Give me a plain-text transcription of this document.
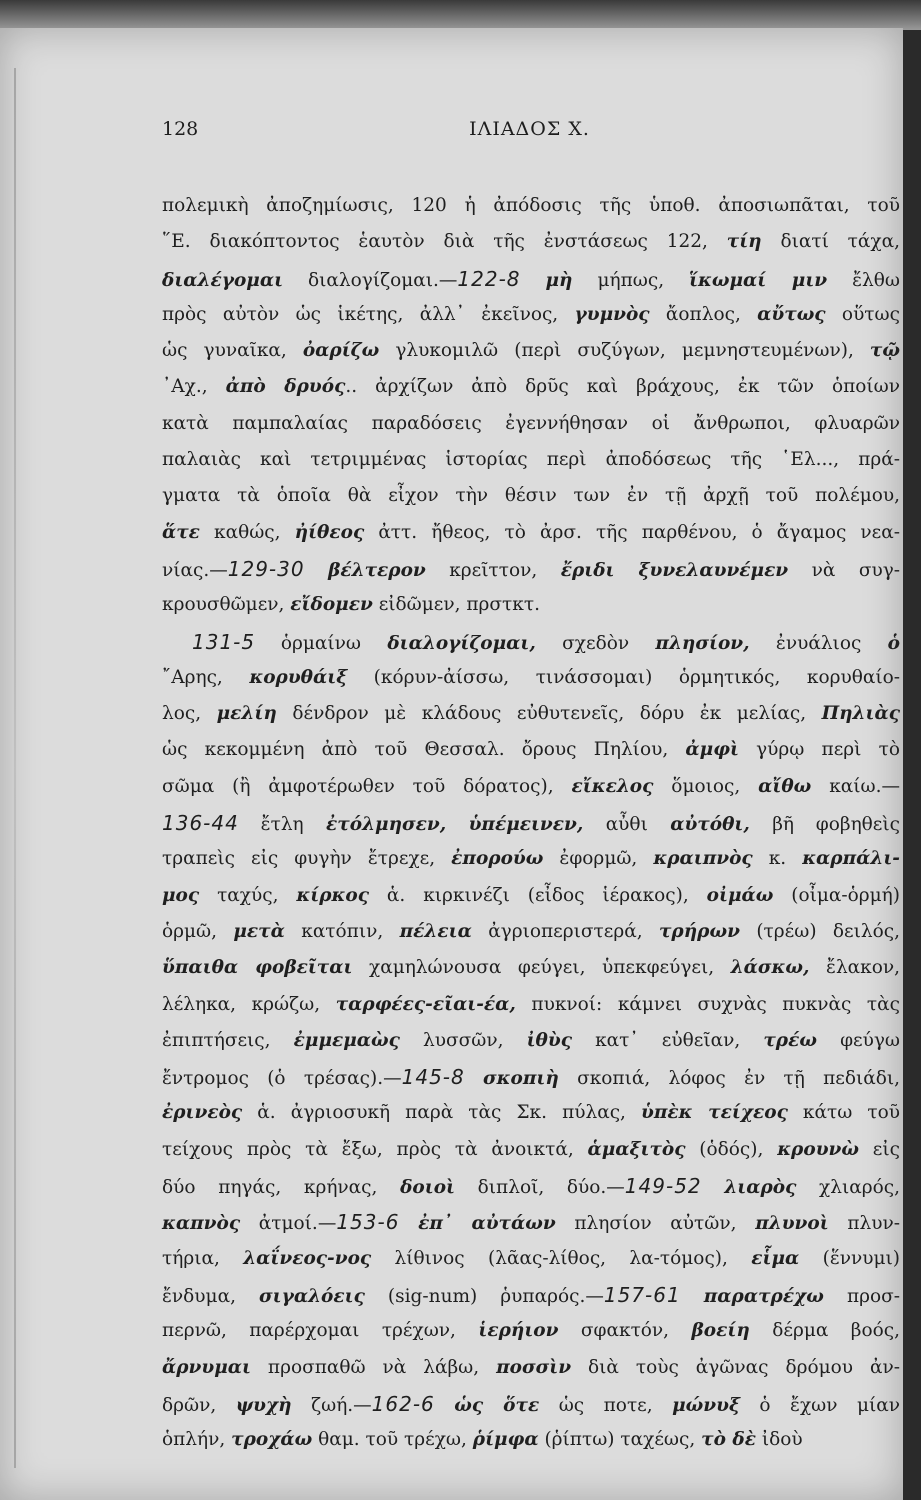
ΙΛΙΑΔΟΣ Χ.
128
πολεμικὴ ἀποζημίωσις, 120 ἡ ἀπόδοσις τῆς ὑποθ. ἀποσιωπᾶται, τοῦ
῞Ε. διακόπτοντος ἑαυτὸν διὰ τῆς ἐνστάσεως 122, τίη διατί τάχα,
διαλέγομαι διαλογίζομαι.—122-8 μὴ μήπως, ἵκωμαί μιν ἔλθω
πρὸς αὐτὸν ὡς ἱκέτης, ἀλλ᾽ ἐκεῖνος, γυμνὸς ἄοπλος, αὔτως οὕτως
ὡς γυναῖκα, ὀαρίζω γλυκομιλῶ (περὶ συζύγων, μεμνηστευμένων), τῷ
᾽Αχ., ἀπὸ δρυός.. ἀρχίζων ἀπὸ δρῦς καὶ βράχους, ἐκ τῶν ὁποίων
κατὰ παμπαλαίας παραδόσεις ἐγεννήθησαν οἱ ἄνθρωποι, φλυαρῶν
παλαιὰς καὶ τετριμμένας ἱστορίας περὶ ἀποδόσεως τῆς ῾Ελ..., πρά-
γματα τὰ ὁποῖα θὰ εἶχον τὴν θέσιν των ἐν τῇ ἀρχῇ τοῦ πολέμου,
ἅτε καθώς, ἠίθεος ἀττ. ἤθεος, τὸ ἀρσ. τῆς παρθένου, ὁ ἄγαμος νεα-
νίας.—129-30 βέλτερον κρεῖττον, ἔριδι ξυνελαυνέμεν νὰ συγ-
κρουσθῶμεν, εἴδομεν εἰδῶμεν, πρστκτ.
131-5 ὁρμαίνω διαλογίζομαι, σχεδὸν πλησίον, ἐνυάλιος ὁ
῎Αρης, κορυθάιξ (κόρυν-ἀίσσω, τινάσσομαι) ὁρμητικός, κορυθαίο-
λος, μελίη δένδρον μὲ κλάδους εὐθυτενεῖς, δόρυ ἐκ μελίας, Πηλιὰς
ὡς κεκομμένη ἀπὸ τοῦ Θεσσαλ. ὄρους Πηλίου, ἀμφὶ γύρῳ περὶ τὸ
σῶμα (ἢ ἀμφοτέρωθεν τοῦ δόρατος), εἴκελος ὅμοιος, αἴθω καίω.—
136-44 ἔτλη ἐτόλμησεν, ὑπέμεινεν, αὖθι αὐτόθι, βῆ φοβηθεὶς
τραπεὶς εἰς φυγὴν ἔτρεχε, ἐπορούω ἐφορμῶ, κραιπνὸς κ. καρπάλι-
μος ταχύς, κίρκος ἁ. κιρκινέζι (εἶδος ἱέρακος), οἰμάω (οἶμα-ὁρμή)
ὁρμῶ, μετὰ κατόπιν, πέλεια ἀγριοπεριστερά, τρήρων (τρέω) δειλός,
ὕπαιθα φοβεῖται χαμηλώνουσα φεύγει, ὑπεκφεύγει, λάσκω, ἔλακον,
λέληκα, κρώζω, ταρφέες-εῖαι-έα, πυκνοί: κάμνει συχνὰς πυκνὰς τὰς
ἐπιπτήσεις, ἐμμεμαὼς λυσσῶν, ἰθὺς κατ᾽ εὐθεῖαν, τρέω φεύγω
ἔντρομος (ὁ τρέσας).—145-8 σκοπιὴ σκοπιά, λόφος ἐν τῇ πεδιάδι,
ἐρινεὸς ἁ. ἀγριοσυκῆ παρὰ τὰς Σκ. πύλας, ὑπὲκ τείχεος κάτω τοῦ
τείχους πρὸς τὰ ἔξω, πρὸς τὰ ἀνοικτά, ἁμαξιτὸς (ὁδός), κρουνὼ εἰς
δύο πηγάς, κρήνας, δοιοὶ διπλοῖ, δύο.—149-52 λιαρὸς χλιαρός,
καπνὸς ἀτμοί.—153-6 ἐπ᾽ αὐτάων πλησίον αὐτῶν, πλυνοὶ πλυν-
τήρια, λαΐνεος-νος λίθινος (λᾶας-λίθος, λα-τόμος), εἷμα (ἕννυμι)
ἔνδυμα, σιγαλόεις (sig-num) ῥυπαρός.—157-61 παρατρέχω προσ-
περνῶ, παρέρχομαι τρέχων, ἱερήιον σφακτόν, βοείη δέρμα βοός,
ἄρνυμαι προσπαθῶ νὰ λάβω, ποσσὶν διὰ τοὺς ἀγῶνας δρόμου ἀν-
δρῶν, ψυχὴ ζωή.—162-6 ὡς ὅτε ὡς ποτε, μώνυξ ὁ ἔχων μίαν
ὁπλήν, τροχάω θαμ. τοῦ τρέχω, ῥίμφα (ῥίπτω) ταχέως, τὸ δὲ ἰδοὺ
